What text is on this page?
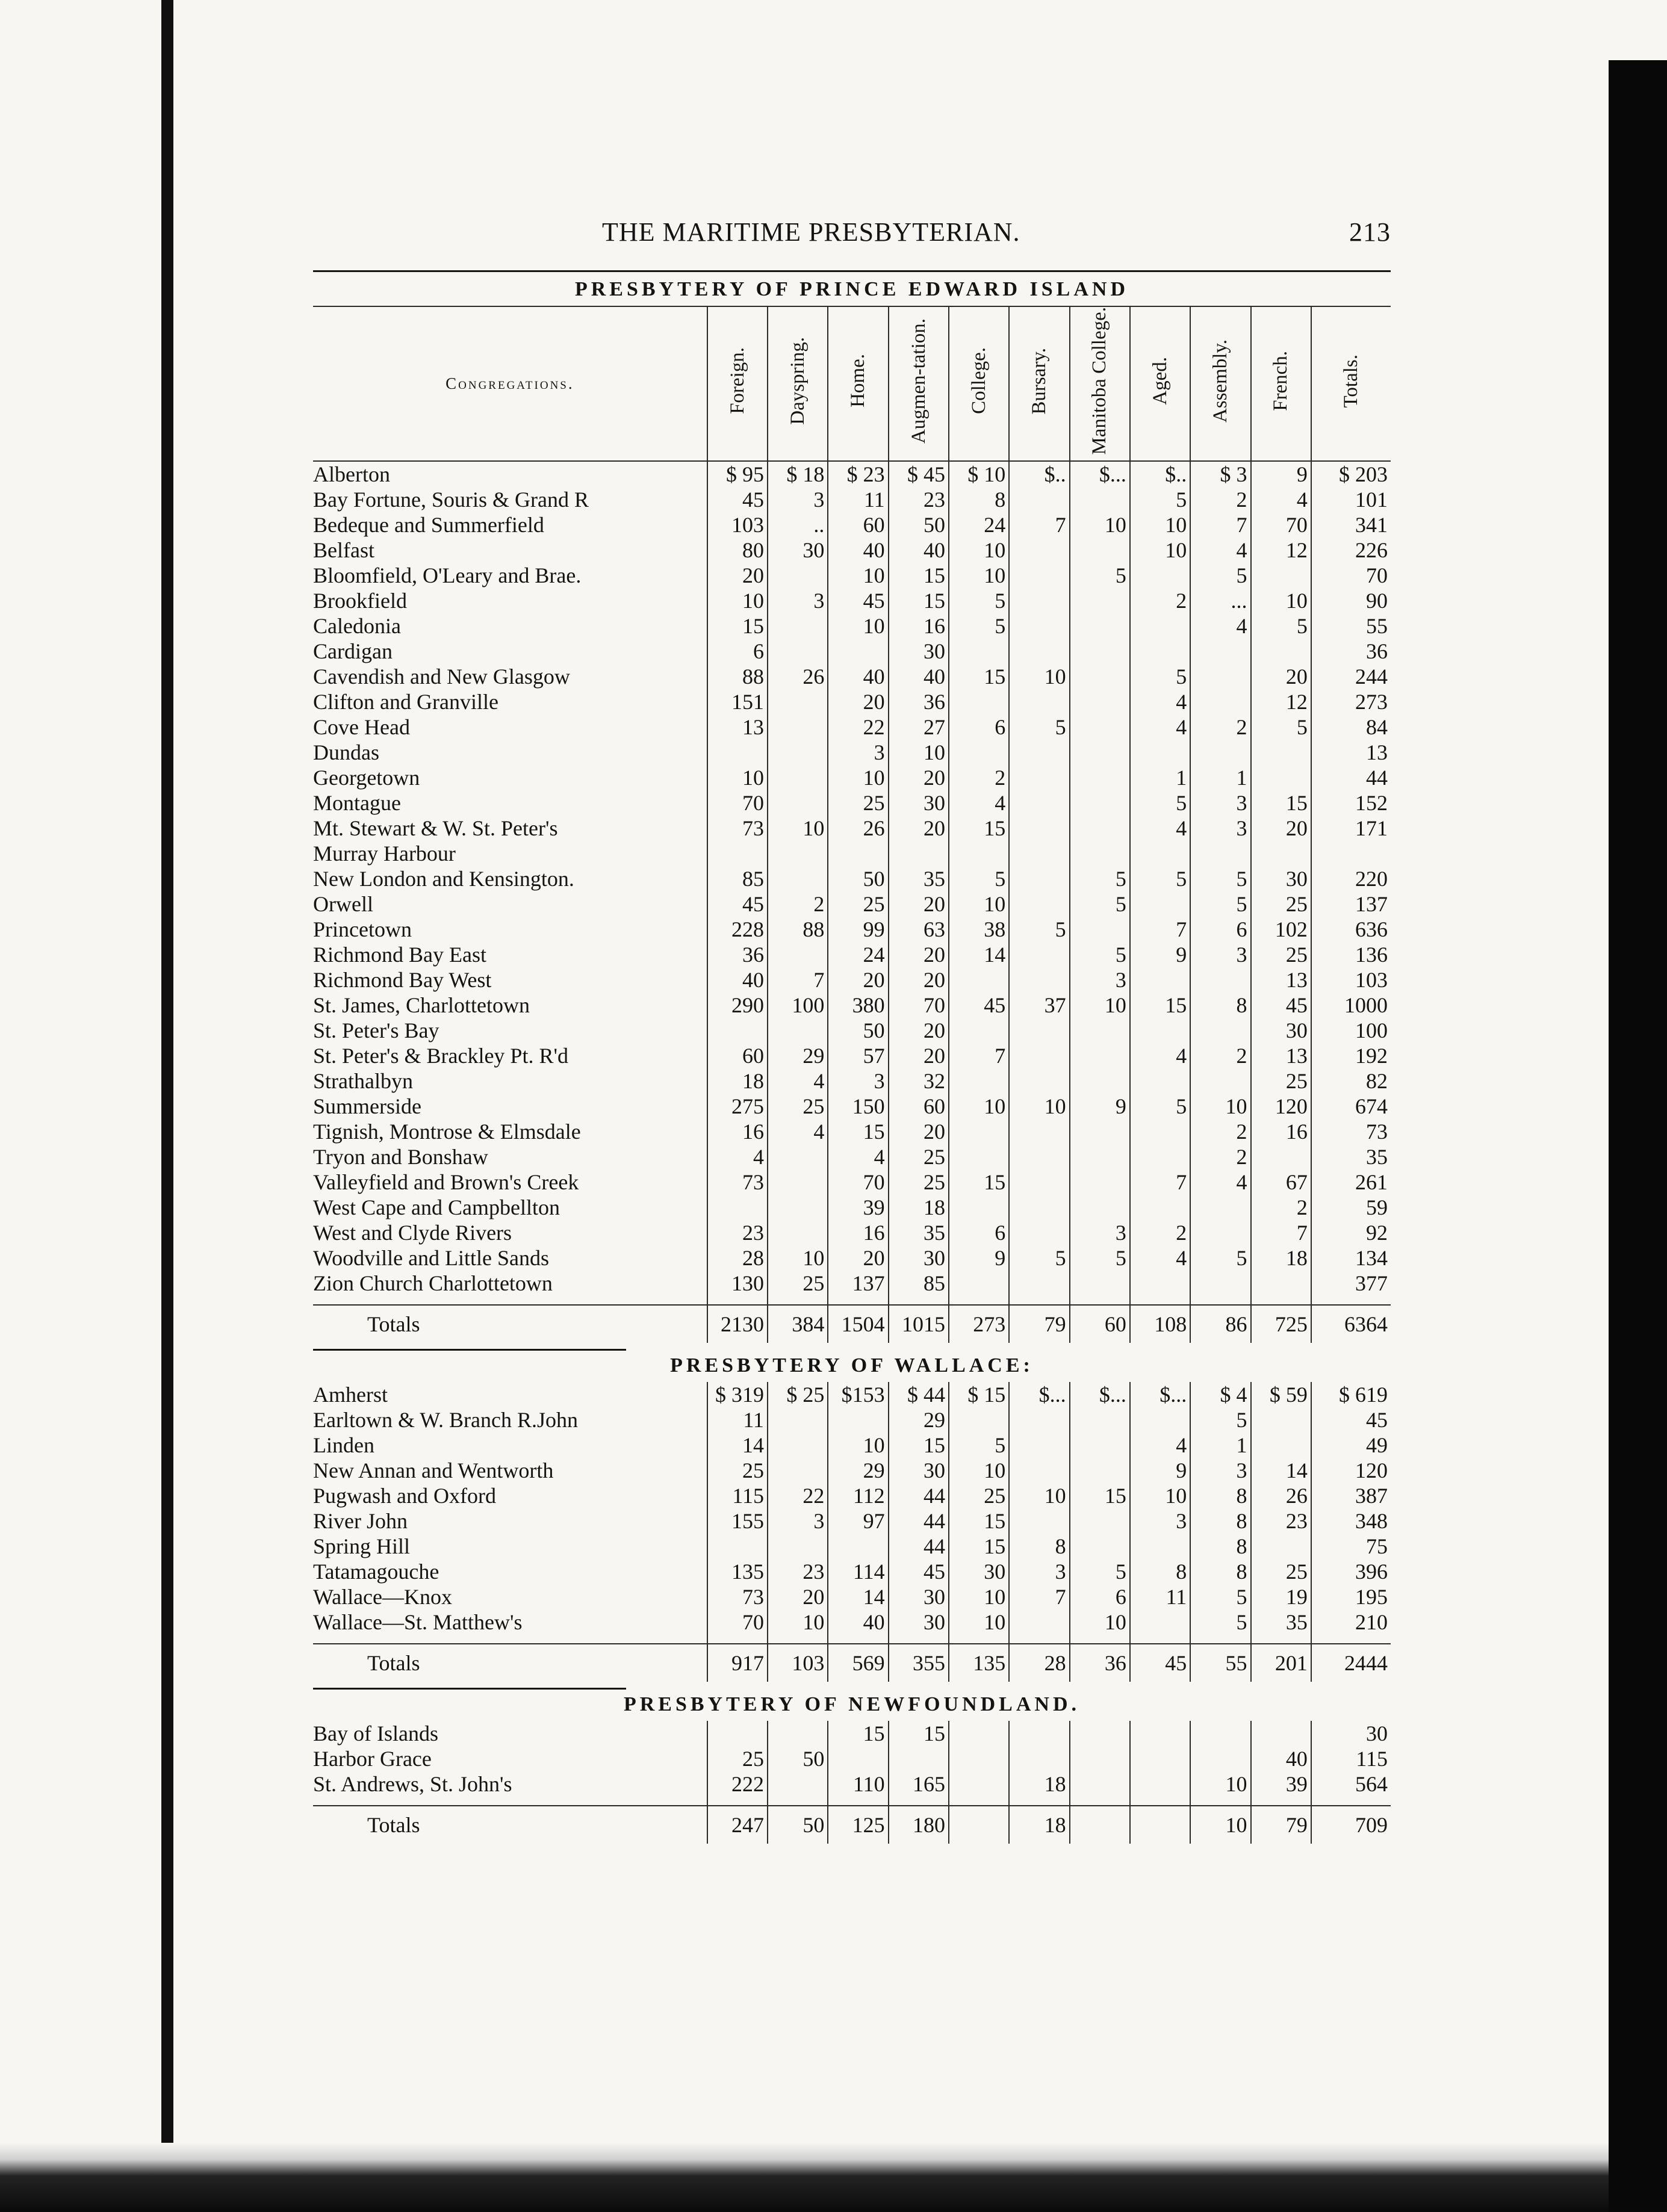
THE MARITIME PRESBYTERIAN.	213
PRESBYTERY OF PRINCE EDWARD ISLAND
Congregations.	Foreign.	Dayspring.	Home.	Augmen-tation.	College.	Bursary.	Manitoba College.	Aged.	Assembly.	French.	Totals.
Alberton	$ 95	$ 18	$ 23	$ 45	$ 10	$..	$...	$..	$ 3	9	$ 203
Bay Fortune, Souris & Grand R	45	3	11	23	8			5	2	4	101
Bedeque and Summerfield	103	..	60	50	24	7	10	10	7	70	341
Belfast	80	30	40	40	10			10	4	12	226
Bloomfield, O'Leary and Brae.	20		10	15	10		5		5		70
Brookfield	10	3	45	15	5			2	...	10	90
Caledonia	15		10	16	5				4	5	55
Cardigan	6			30							36
Cavendish and New Glasgow	88	26	40	40	15	10		5		20	244
Clifton and Granville	151		20	36				4		12	273
Cove Head	13		22	27	6	5		4	2	5	84
Dundas			3	10							13
Georgetown	10		10	20	2			1	1		44
Montague	70		25	30	4			5	3	15	152
Mt. Stewart & W. St. Peter's	73	10	26	20	15			4	3	20	171
Murray Harbour											
New London and Kensington.	85		50	35	5		5	5	5	30	220
Orwell	45	2	25	20	10		5		5	25	137
Princetown	228	88	99	63	38	5		7	6	102	636
Richmond Bay East	36		24	20	14		5	9	3	25	136
Richmond Bay West	40	7	20	20			3			13	103
St. James, Charlottetown	290	100	380	70	45	37	10	15	8	45	1000
St. Peter's Bay			50	20						30	100
St. Peter's & Brackley Pt. R'd	60	29	57	20	7			4	2	13	192
Strathalbyn	18	4	3	32						25	82
Summerside	275	25	150	60	10	10	9	5	10	120	674
Tignish, Montrose & Elmsdale	16	4	15	20					2	16	73
Tryon and Bonshaw	4		4	25					2		35
Valleyfield and Brown's Creek	73		70	25	15			7	4	67	261
West Cape and Campbellton			39	18						2	59
West and Clyde Rivers	23		16	35	6		3	2		7	92
Woodville and Little Sands	28	10	20	30	9	5	5	4	5	18	134
Zion Church Charlottetown	130	25	137	85							377

Totals	2130	384	1504	1015	273	79	60	108	86	725	6364
PRESBYTERY OF WALLACE:
Amherst	$ 319	$ 25	$153	$ 44	$ 15	$...	$...	$...	$ 4	$ 59	$ 619
Earltown & W. Branch R.John	11			29					5		45
Linden	14		10	15	5			4	1		49
New Annan and Wentworth	25		29	30	10			9	3	14	120
Pugwash and Oxford	115	22	112	44	25	10	15	10	8	26	387
River John	155	3	97	44	15			3	8	23	348
Spring Hill				44	15	8			8		75
Tatamagouche	135	23	114	45	30	3	5	8	8	25	396
Wallace—Knox	73	20	14	30	10	7	6	11	5	19	195
Wallace—St. Matthew's	70	10	40	30	10		10		5	35	210

Totals	917	103	569	355	135	28	36	45	55	201	2444
PRESBYTERY OF NEWFOUNDLAND.
Bay of Islands			15	15							30
Harbor Grace	25	50								40	115
St. Andrews, St. John's	222		110	165		18			10	39	564

Totals	247	50	125	180		18			10	79	709
